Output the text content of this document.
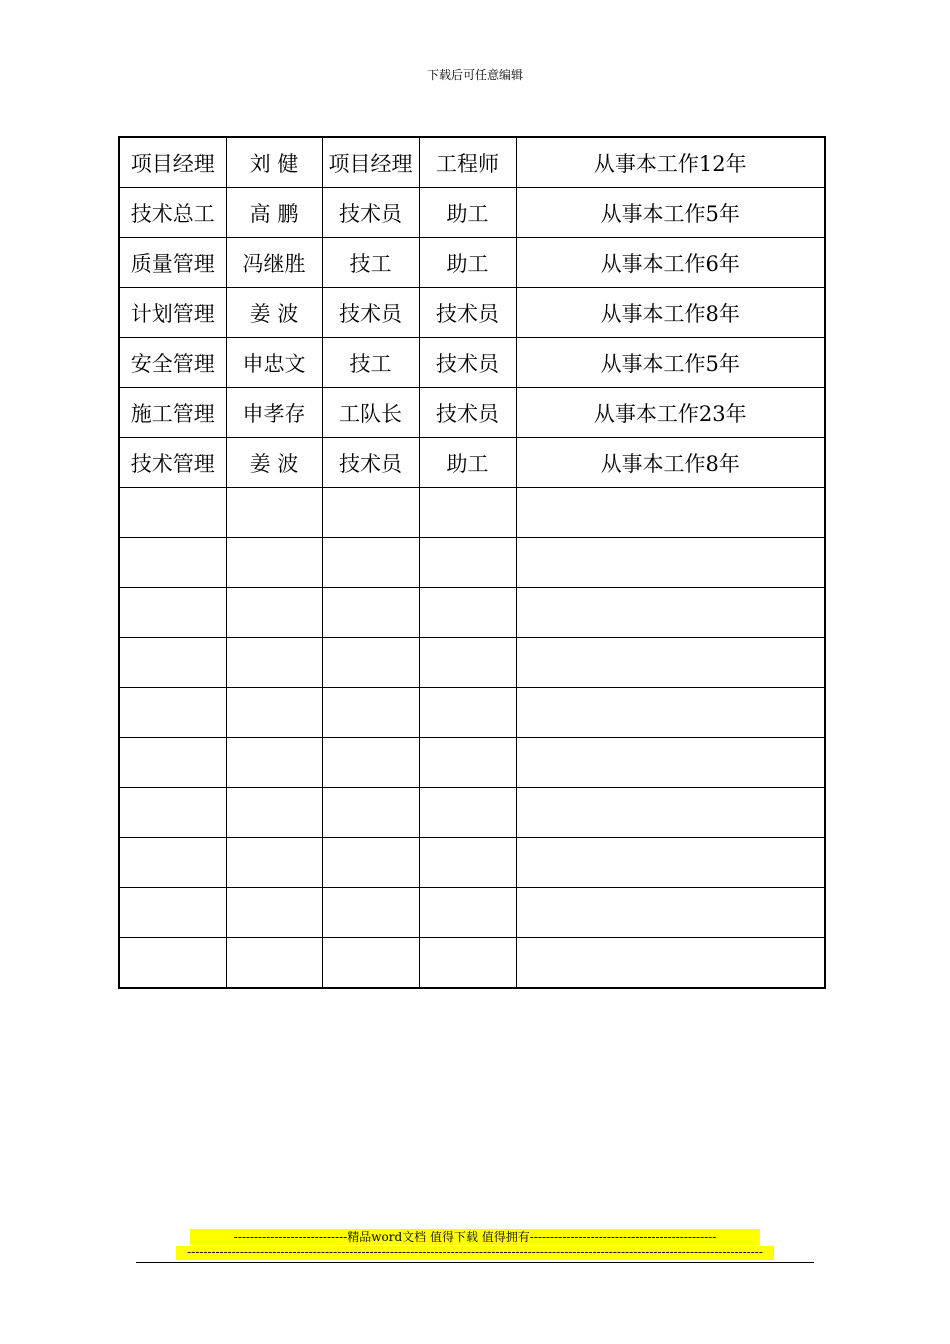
下载后可任意编辑
项目经理	刘 健	项目经理	工程师	从事本工作12年
技术总工	高 鹏	技术员	助工	从事本工作5年
质量管理	冯继胜	技工	助工	从事本工作6年
计划管理	姜 波	技术员	技术员	从事本工作8年
安全管理	申忠文	技工	技术员	从事本工作5年
施工管理	申孝存	工队长	技术员	从事本工作23年
技术管理	姜 波	技术员	助工	从事本工作8年

----------------------------精品word文档 值得下载 值得拥有----------------------------------------------
----------------------------------------------------------------------------------------------------------------------------------------------
